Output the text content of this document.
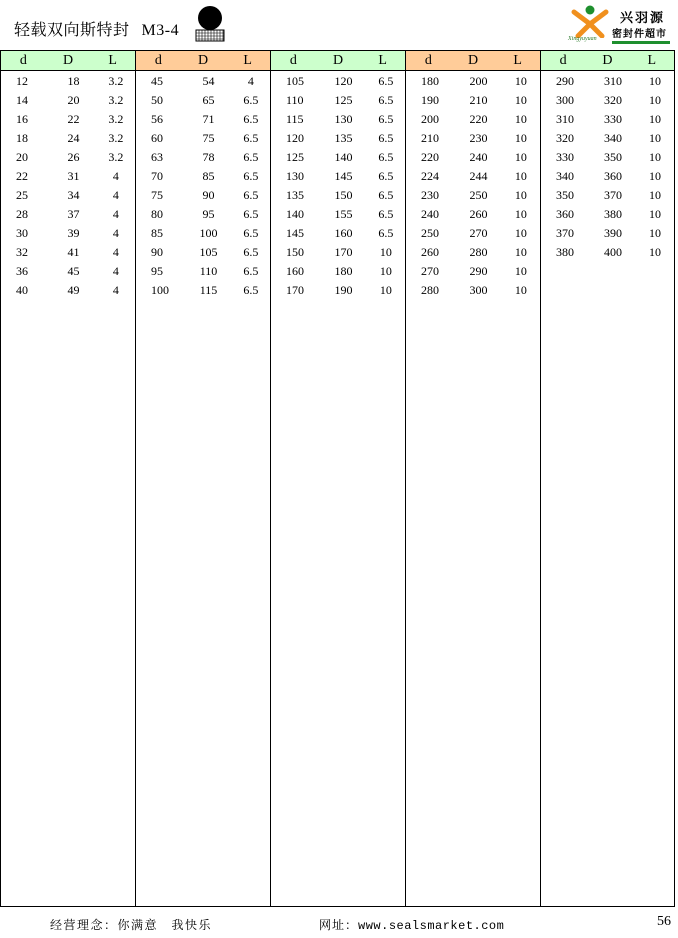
轻载双向斯特封 M3-4
兴羽源
密封件超市
Xingyuyuan
d	D	L
12	18	3.2
14	20	3.2
16	22	3.2
18	24	3.2
20	26	3.2
22	31	4
25	34	4
28	37	4
30	39	4
32	41	4
36	45	4
40	49	4
d	D	L
45	54	4
50	65	6.5
56	71	6.5
60	75	6.5
63	78	6.5
70	85	6.5
75	90	6.5
80	95	6.5
85	100	6.5
90	105	6.5
95	110	6.5
100	115	6.5
d	D	L
105	120	6.5
110	125	6.5
115	130	6.5
120	135	6.5
125	140	6.5
130	145	6.5
135	150	6.5
140	155	6.5
145	160	6.5
150	170	10
160	180	10
170	190	10
d	D	L
180	200	10
190	210	10
200	220	10
210	230	10
220	240	10
224	244	10
230	250	10
240	260	10
250	270	10
260	280	10
270	290	10
280	300	10
d	D	L
290	310	10
300	320	10
310	330	10
320	340	10
330	350	10
340	360	10
350	370	10
360	380	10
370	390	10
380	400	10
经营理念：你满意　我快乐	网址：www.sealsmarket.com	56
